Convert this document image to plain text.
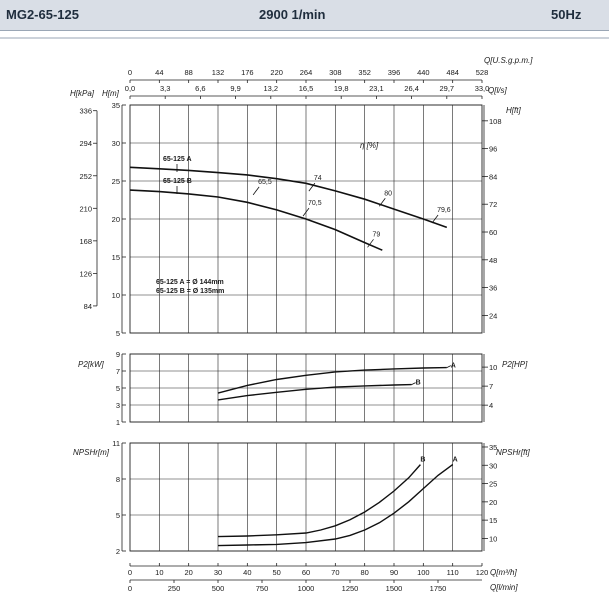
MG2-65-125	2900 1/min	50Hz
5
10
15
20
25
30
35
H[m]
84
126
168
210
252
294
336
H[kPa]
24
36
48
60
72
84
96
108
H[ft]
65-125 A
65-125 B
η [%]
65,5
70,5
74
79
80
79,6
65-125 A = Ø 144mm
65-125 B = Ø 135mm
1
3
5
7
9
P2[kW]
4
7
10 P2[HP]
A
B
2
5
8
11
NPSHr[m]
10
15
20
25
30
35
NPSHr[ft]
A
B
0	44	88	132 176 220 264 308 352 396 440 484 528
Q[U.S.g.p.m.]
0,0	3,3	6,6	9,9	13,2	16,5	19,8	23,1	26,4	29,7	33,0
Q[l/s]
0	10	20	30	40	50	60	70	80	90	100 110 120 Q[m³/h]
0	250	500	750	1000	1250	1500	1750	Q[l/min]
